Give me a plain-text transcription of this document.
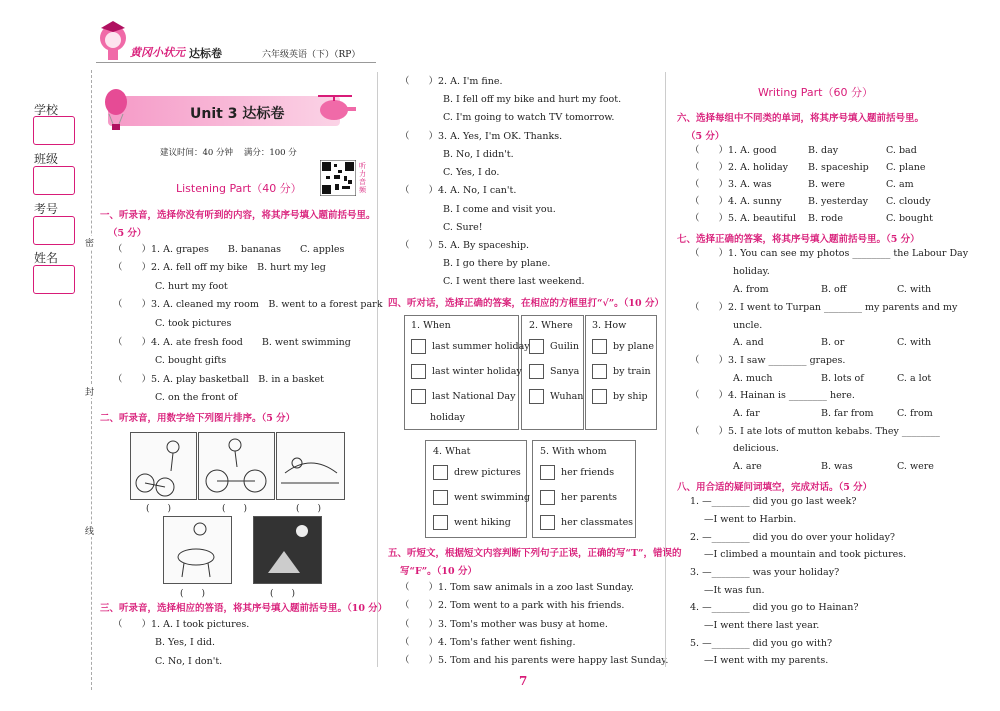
黄冈小状元 达标卷	六年级英语（下）（RP）
学校
班级
考号
姓名
密
封
线
Unit 3 达标卷
建议时间：40 分钟    满分：100 分
听力音频
Listening Part（40 分）
一、听录音，选择你没有听到的内容，将其序号填入题前括号里。
（5 分）
（　　）1. A. grapes　　B. bananas　　C. apples
（　　）2. A. fell off my bike　B. hurt my leg
C. hurt my foot
（　　）3. A. cleaned my room　B. went to a forest park
C. took pictures
（　　）4. A. ate fresh food　　B. went swimming
C. bought gifts
（　　）5. A. play basketball　B. in a basket
C. on the front of
二、听录音，用数字给下列图片排序。（5 分）
(　　)	(　　)	(　　)
(　　)	(　　)
三、听录音，选择相应的答语，将其序号填入题前括号里。（10 分）
（　　）1. A. I took pictures.
B. Yes, I did.
C. No, I don't.
（　　）2. A. I'm fine.
B. I fell off my bike and hurt my foot.
C. I'm going to watch TV tomorrow.
（　　）3. A. Yes, I'm OK. Thanks.
B. No, I didn't.
C. Yes, I do.
（　　）4. A. No, I can't.
B. I come and visit you.
C. Sure!
（　　）5. A. By spaceship.
B. I go there by plane.
C. I went there last weekend.
四、听对话，选择正确的答案，在相应的方框里打“√”。（10 分）
1. When
last summer holiday
last winter holiday
last National Day
holiday
2. Where
Guilin
Sanya
Wuhan
3. How
by plane
by train
by ship
4. What
drew pictures
went swimming
went hiking
5. With whom
her friends
her parents
her classmates
五、听短文，根据短文内容判断下列句子正误，正确的写“T”，错误的
写“F”。（10 分）
（　　）1. Tom saw animals in a zoo last Sunday.
（　　）2. Tom went to a park with his friends.
（　　）3. Tom's mother was busy at home.
（　　）4. Tom's father went fishing.
（　　）5. Tom and his parents were happy last Sunday.
Writing Part（60 分）
六、选择每组中不同类的单词，将其序号填入题前括号里。
（5 分）
（　　）1. A. good	B. day	C. bad
（　　）2. A. holiday B. spaceship C. plane
（　　）3. A. was	B. were	C. am
（　　）4. A. sunny	B. yesterday C. cloudy
（　　）5. A. beautiful B. rode	C. bought
七、选择正确的答案，将其序号填入题前括号里。（5 分）
（　　）1. You can see my photos ________ the Labour Day
holiday.
A. from	B. off	C. with
（　　）2. I went to Turpan ________ my parents and my
uncle.
A. and	B. or	C. with
（　　）3. I saw ________ grapes.
A. much	B. lots of	C. a lot
（　　）4. Hainan is ________ here.
A. far	B. far from C. from
（　　）5. I ate lots of mutton kebabs. They ________
delicious.
A. are	B. was	C. were
八、用合适的疑问词填空，完成对话。（5 分）
1. —________ did you go last week?
—I went to Harbin.
2. —________ did you do over your holiday?
—I climbed a mountain and took pictures.
3. —________ was your holiday?
—It was fun.
4. —________ did you go to Hainan?
—I went there last year.
5. —________ did you go with?
—I went with my parents.
7
